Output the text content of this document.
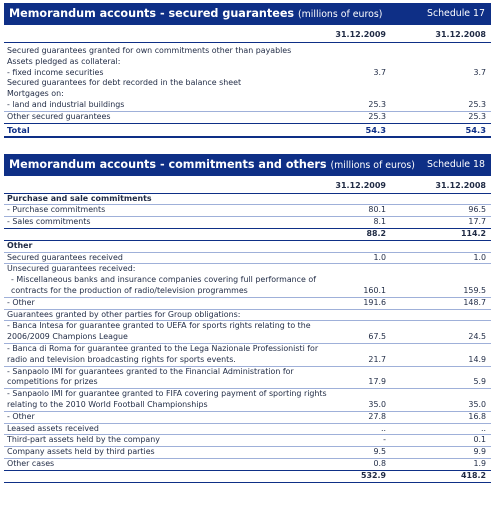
Memorandum accounts - secured guarantees (millions of euros)	Schedule 17
31.12.2009	31.12.2008
Secured guarantees granted for own commitments other than payables
Assets pledged as collateral:
- fixed income securities	3.7	3.7
Secured guarantees for debt recorded in the balance sheet
Mortgages on:
- land and industrial buildings	25.3	25.3
Other secured guarantees	25.3	25.3
Total	54.3	54.3
Memorandum accounts - commitments and others (millions of euros) Schedule 18
31.12.2009	31.12.2008
Purchase and sale commitments
- Purchase commitments	80.1	96.5
- Sales commitments	8.1	17.7
88.2	114.2
Other
Secured guarantees received	1.0	1.0
Unsecured guarantees received:
- Miscellaneous banks and insurance companies covering full performance of contracts for the production of radio/television programmes	160.1	159.5
- Other	191.6	148.7
Guarantees granted by other parties for Group obligations:
- Banca Intesa for guarantee granted to UEFA for sports rights relating to the 2006/2009 Champions League	67.5	24.5
- Banca di Roma for guarantee granted to the Lega Nazionale Professionisti for radio and television broadcasting rights for sports events.	21.7	14.9
- Sanpaolo IMI for guarantees granted to the Financial Administration for competitions for prizes	17.9	5.9
- Sanpaolo IMI for guarantee granted to FIFA covering payment of sporting rights relating to the 2010 World Football Championships	35.0	35.0
- Other	27.8	16.8
Leased assets received	..	..
Third-part assets held by the company	-	0.1
Company assets held by third parties	9.5	9.9
Other cases	0.8	1.9
532.9	418.2
